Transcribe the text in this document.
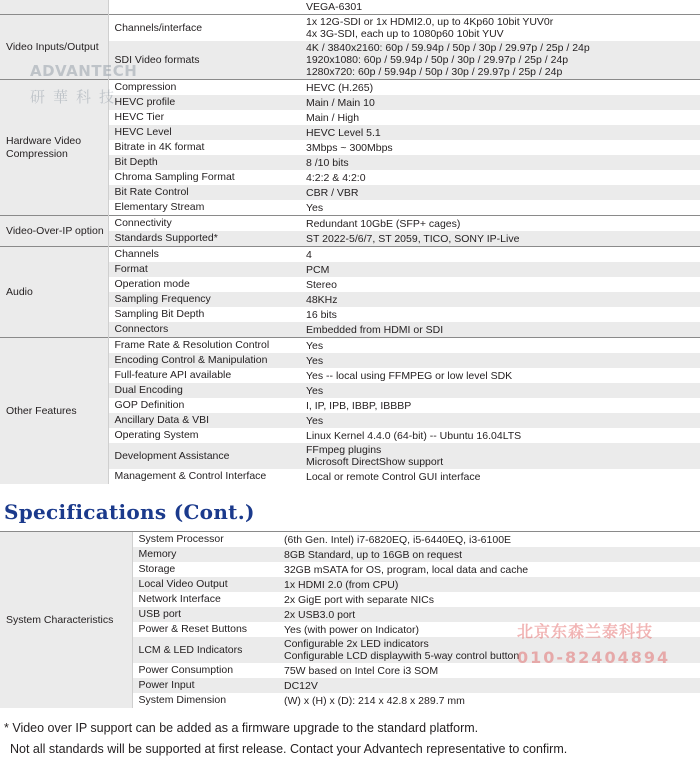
		VEGA-6301

Video Inputs/Output	Channels/interface	1x 12G-SDI or 1x HDMI2.0, up to 4Kp60 10bit YUV0r
4x 3G-SDI, each up to 1080p60 10bit YUV

	SDI Video formats	4K / 3840x2160: 60p / 59.94p / 50p / 30p / 29.97p / 25p / 24p
1920x1080: 60p / 59.94p / 50p / 30p / 29.97p / 25p / 24p
1280x720: 60p / 59.94p / 50p / 30p / 29.97p / 25p / 24p

Hardware Video Compression	Compression	HEVC (H.265)

	HEVC profile	Main / Main 10

	HEVC Tier	Main / High

	HEVC Level	HEVC Level 5.1

	Bitrate in 4K format	3Mbps ~ 300Mbps

	Bit Depth	8 /10 bits

	Chroma Sampling Format	4:2:2 & 4:2:0

	Bit Rate Control	CBR / VBR

	Elementary Stream	Yes

Video-Over-IP option	Connectivity	Redundant 10GbE (SFP+ cages)

	Standards Supported*	ST 2022-5/6/7, ST 2059, TICO, SONY IP-Live

Audio	Channels	4

	Format	PCM

	Operation mode	Stereo

	Sampling Frequency	48KHz

	Sampling Bit Depth	16 bits

	Connectors	Embedded from HDMI or SDI

Other Features	Frame Rate & Resolution Control	Yes

	Encoding Control & Manipulation	Yes

	Full-feature API available	Yes -- local using FFMPEG or low level SDK

	Dual Encoding	Yes

	GOP Definition	I, IP, IPB, IBBP, IBBBP

	Ancillary Data & VBI	Yes

	Operating System	Linux Kernel 4.4.0 (64-bit) -- Ubuntu 16.04LTS

	Development Assistance	FFmpeg plugins
Microsoft DirectShow support

	Management & Control Interface	Local or remote Control GUI interface
ADVANTECH
研華科技
Specifications (Cont.)
System Characteristics	System Processor	(6th Gen. Intel) i7-6820EQ, i5-6440EQ, i3-6100E

	Memory	8GB Standard, up to 16GB on request

	Storage	32GB mSATA for OS, program, local data and cache

	Local Video Output	1x HDMI 2.0 (from CPU)

	Network Interface	2x GigE port with separate NICs

	USB port	2x USB3.0 port

	Power & Reset Buttons	Yes (with power on Indicator)

	LCM & LED Indicators	Configurable 2x LED indicators
Configurable LCD displaywith 5-way control button

	Power Consumption	75W based on Intel Core i3 SOM

	Power Input	DC12V

	System Dimension	(W) x (H) x (D): 214 x 42.8 x 289.7 mm
北京东森兰泰科技
010-82404894
* Video over IP support can be added as a firmware upgrade to the standard platform.
Not all standards will be supported at first release. Contact your Advantech representative to confirm.
